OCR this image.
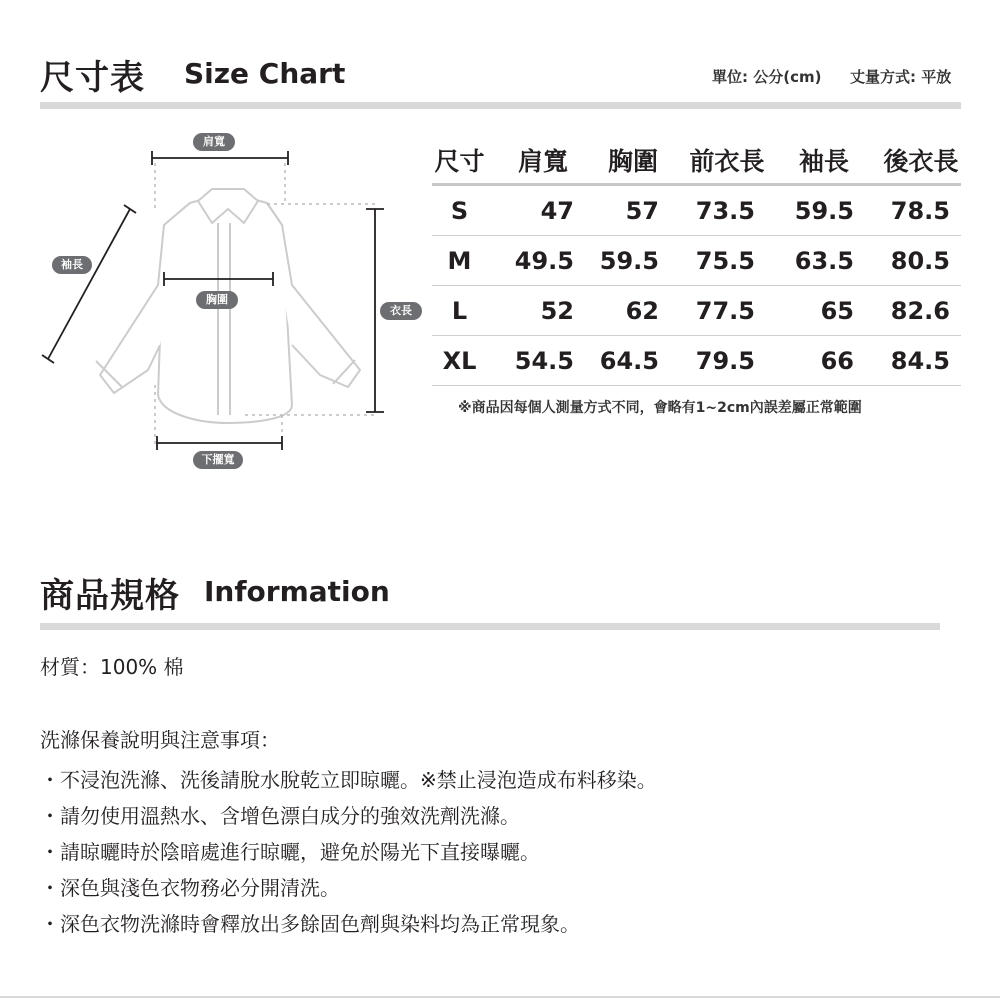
尺寸表 Size Chart	單位: 公分(cm) 丈量方式: 平放
肩寬
袖長
胸圍
衣長
下擺寬
尺寸 肩寬 胸圍 前衣長 袖長 後衣長
S	47	57	73.5	59.5	78.5
M	49.5	59.5	75.5	63.5	80.5
L	52	62	77.5	65	82.6
XL	54.5	64.5	79.5	66	84.5
※商品因每個人測量方式不同，會略有1~2cm內誤差屬正常範圍
商品規格 Information
材質：100% 棉
洗滌保養說明與注意事項：
・不浸泡洗滌、洗後請脫水脫乾立即晾曬。※禁止浸泡造成布料移染。
・請勿使用溫熱水、含增色漂白成分的強效洗劑洗滌。
・請晾曬時於陰暗處進行晾曬，避免於陽光下直接曝曬。
・深色與淺色衣物務必分開清洗。
・深色衣物洗滌時會釋放出多餘固色劑與染料均為正常現象。
